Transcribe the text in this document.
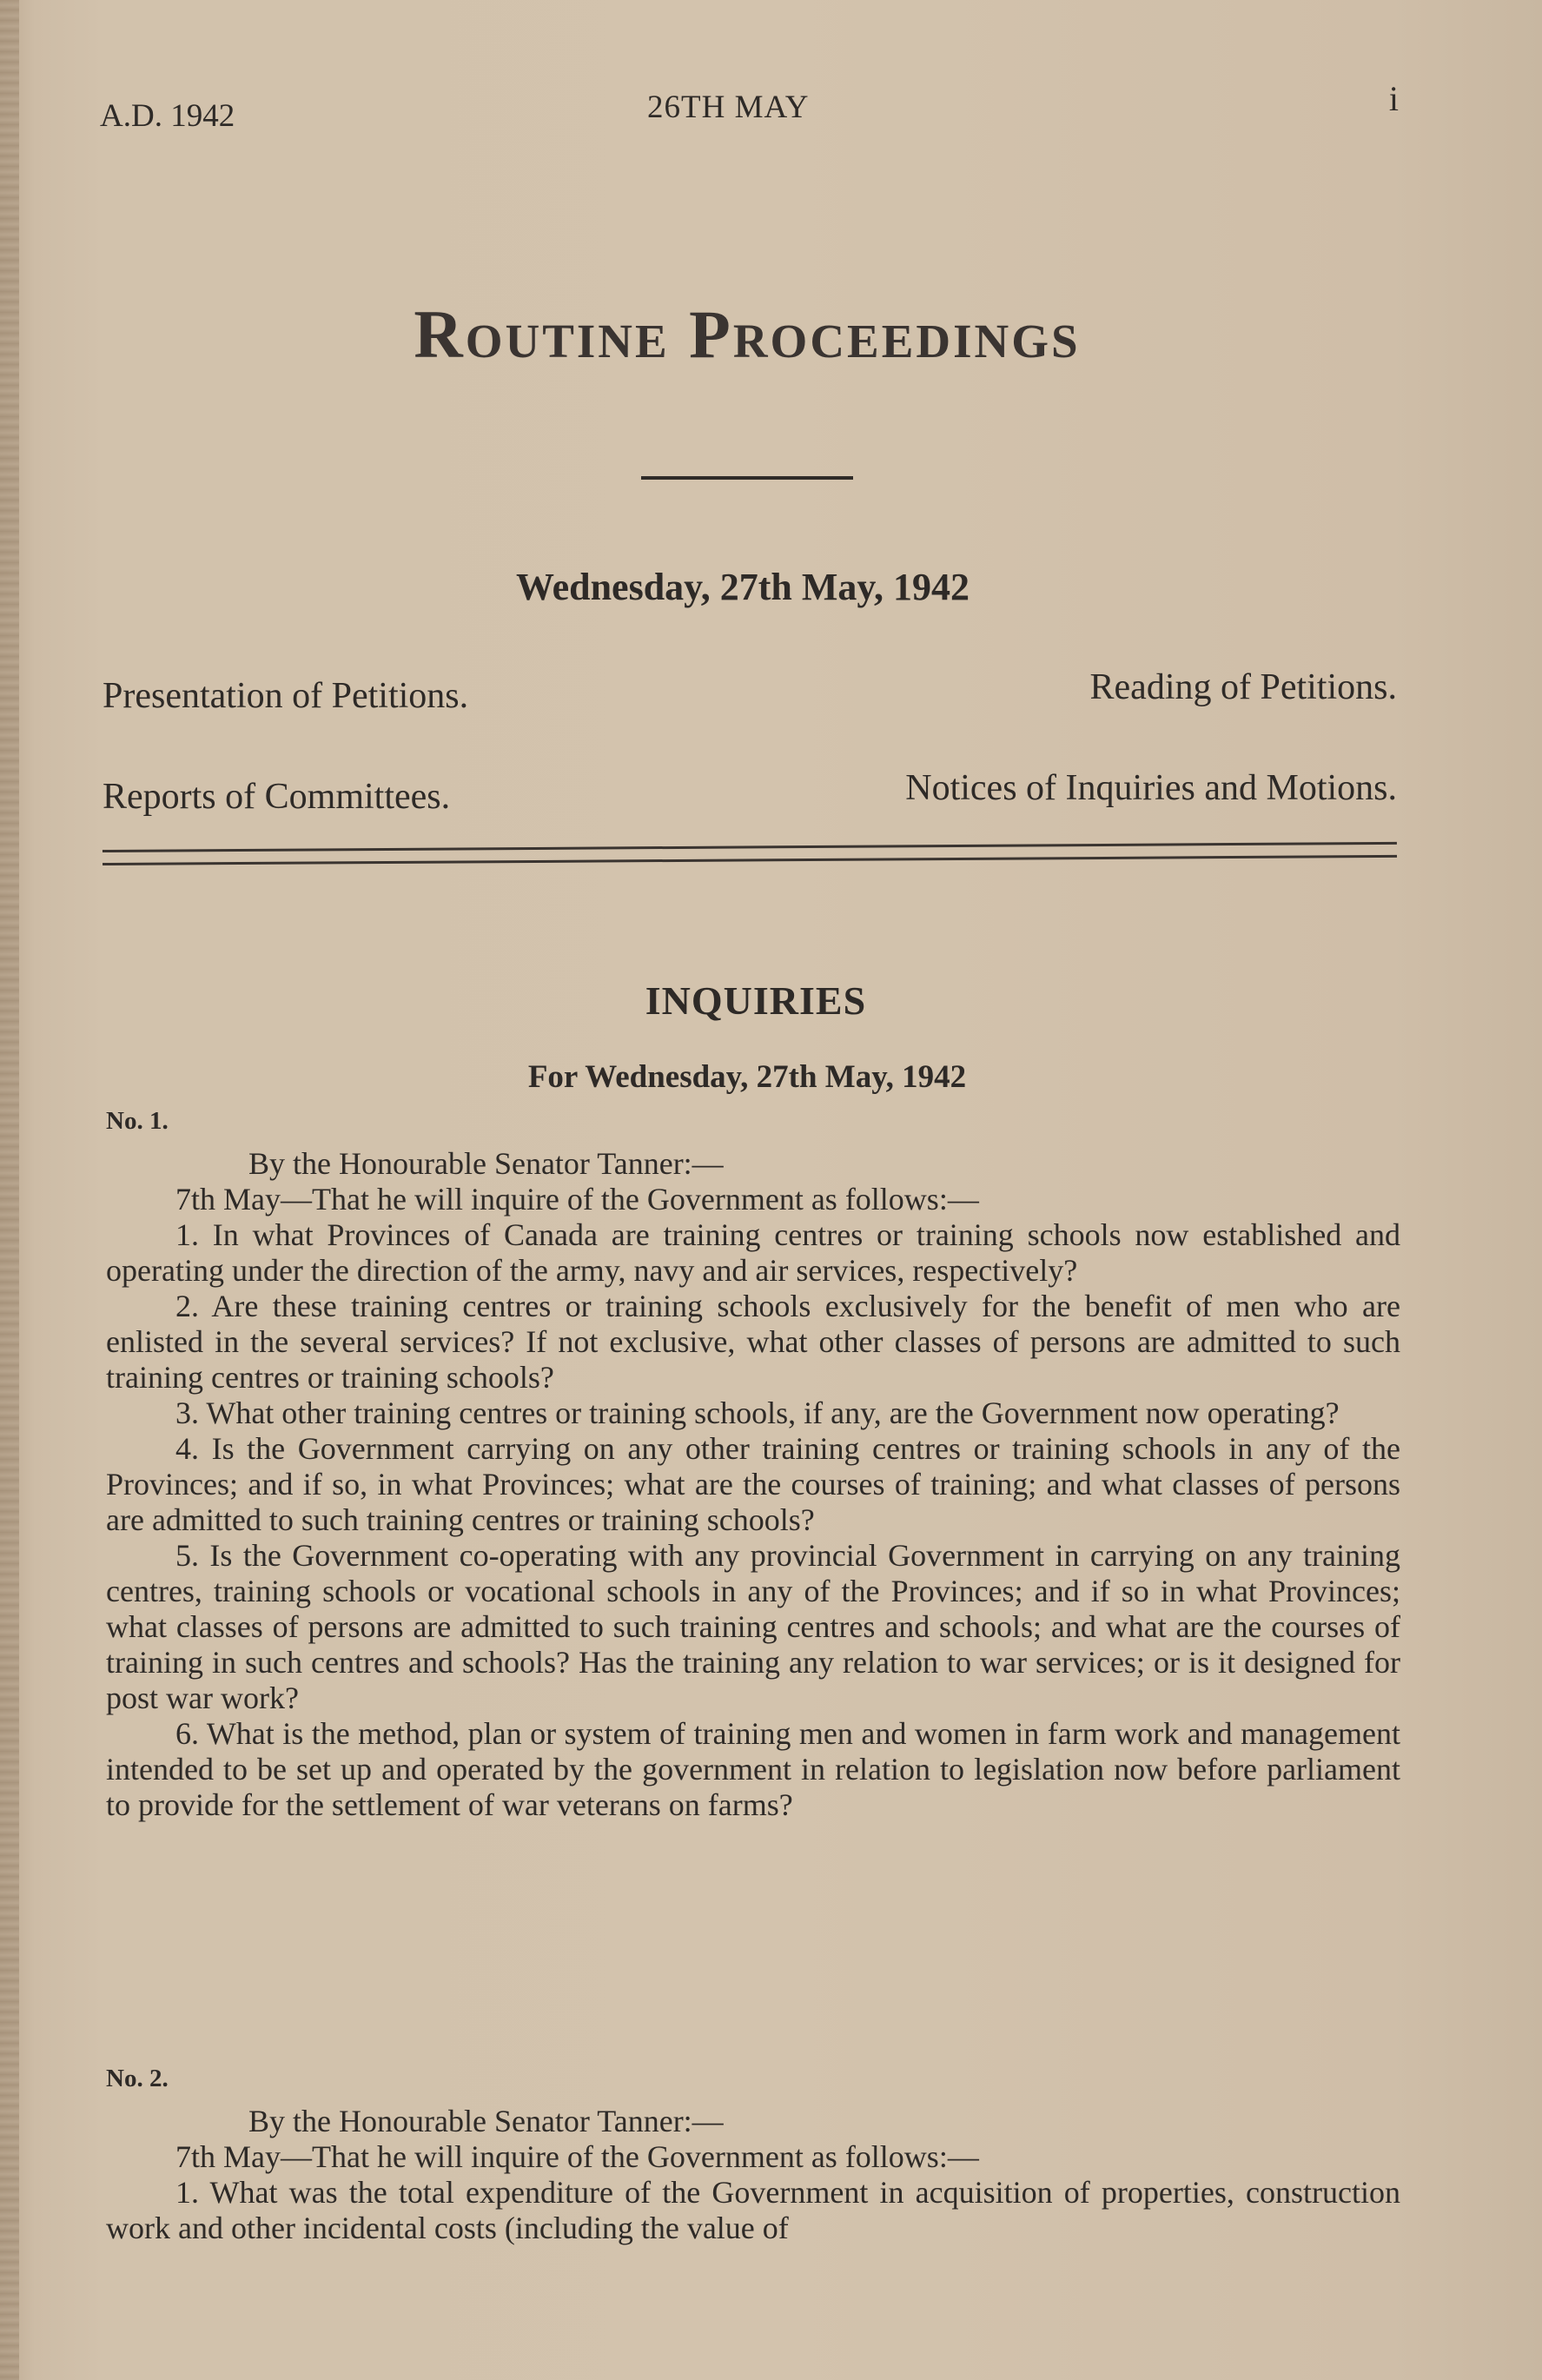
A.D. 1942	26TH MAY	i
Routine Proceedings
Wednesday, 27th May, 1942
Presentation of Petitions.	Reading of Petitions.
Reports of Committees.	Notices of Inquiries and Motions.
INQUIRIES
For Wednesday, 27th May, 1942
No. 1.
By the Honourable Senator Tanner:—

7th May—That he will inquire of the Government as follows:—

1. In what Provinces of Canada are training centres or training schools now established and operating under the direction of the army, navy and air services, respectively?

2. Are these training centres or training schools exclusively for the benefit of men who are enlisted in the several services? If not exclusive, what other classes of persons are admitted to such training centres or training schools?

3. What other training centres or training schools, if any, are the Government now operating?

4. Is the Government carrying on any other training centres or training schools in any of the Provinces; and if so, in what Provinces; what are the courses of training; and what classes of persons are admitted to such training centres or training schools?

5. Is the Government co-operating with any provincial Government in carrying on any training centres, training schools or vocational schools in any of the Provinces; and if so in what Provinces; what classes of persons are admitted to such training centres and schools; and what are the courses of training in such centres and schools? Has the training any relation to war services; or is it designed for post war work?

6. What is the method, plan or system of training men and women in farm work and management intended to be set up and operated by the government in relation to legislation now before parliament to provide for the settlement of war veterans on farms?

No. 2.
By the Honourable Senator Tanner:—

7th May—That he will inquire of the Government as follows:—

1. What was the total expenditure of the Government in acquisition of properties, construction work and other incidental costs (including the value of
